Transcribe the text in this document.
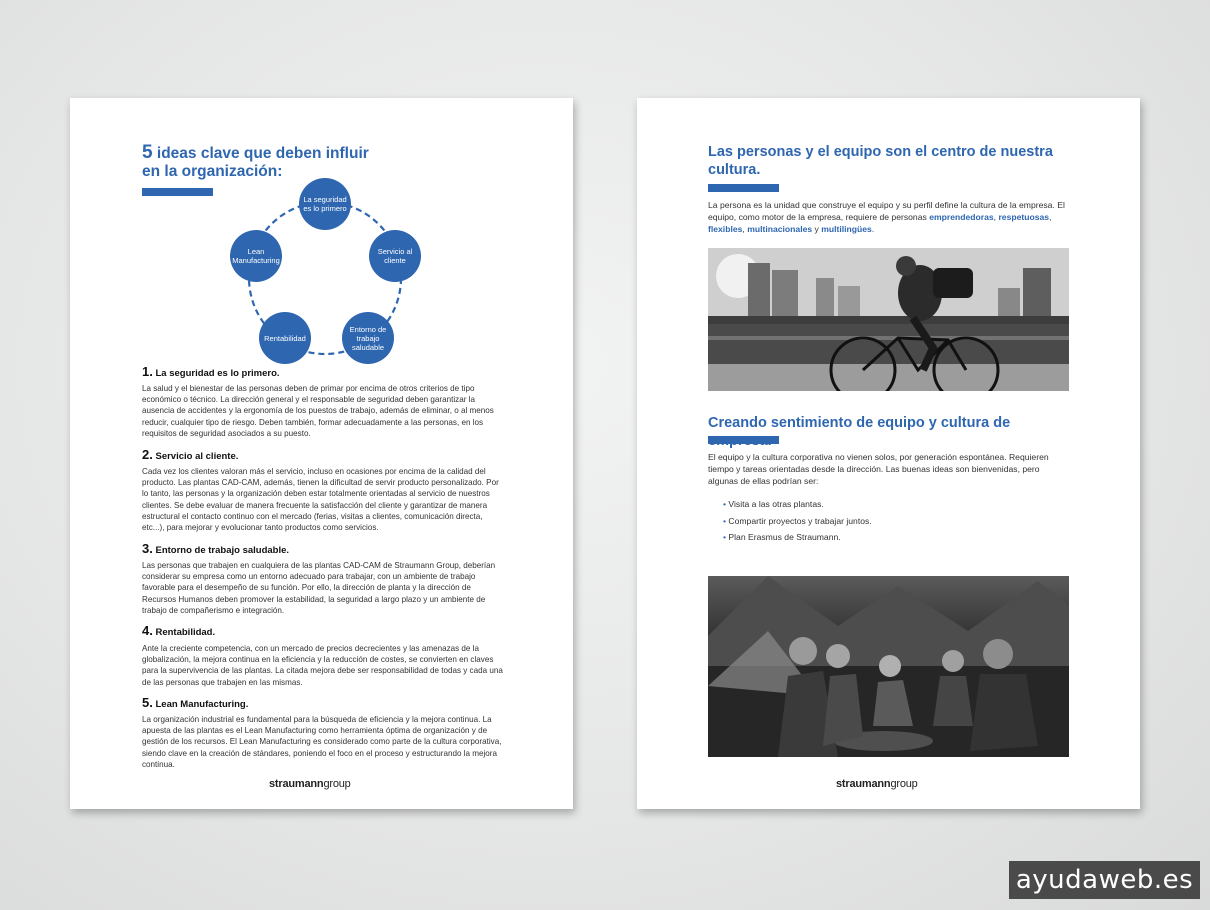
5 ideas clave que deben influir
en la organización:
La seguridad es lo primero
Servicio al cliente
Entorno de trabajo saludable
Rentabilidad
Lean Manufacturing
1. La seguridad es lo primero.
La salud y el bienestar de las personas deben de primar por encima de otros criterios de tipo económico o técnico. La dirección general y el responsable de seguridad deben garantizar la ausencia de accidentes y la ergonomía de los puestos de trabajo, además de eliminar, o al menos reducir, cualquier tipo de riesgo. Deben también, formar adecuadamente a las personas, en los requisitos de seguridad asociados a su puesto.
2. Servicio al cliente.
Cada vez los clientes valoran más el servicio, incluso en ocasiones por encima de la calidad del producto. Las plantas CAD-CAM, además, tienen la dificultad de servir producto personalizado. Por lo tanto, las personas y la organización deben estar totalmente orientadas al servicio de nuestros clientes. Se debe evaluar de manera frecuente la satisfacción del cliente y garantizar de manera estructural el contacto continuo con el mercado (ferias, visitas a clientes, comunicación directa, etc...), para mejorar y evolucionar tanto productos como servicios.
3. Entorno de trabajo saludable.
Las personas que trabajen en cualquiera de las plantas CAD-CAM de Straumann Group, deberían considerar su empresa como un entorno adecuado para trabajar, con un ambiente de trabajo favorable para el desempeño de su función. Por ello, la dirección de planta y la dirección de Recursos Humanos deben promover la estabilidad, la seguridad a largo plazo y un ambiente de trabajo de compañerismo e integración.
4. Rentabilidad.
Ante la creciente competencia, con un mercado de precios decrecientes y las amenazas de la globalización, la mejora continua en la eficiencia y la reducción de costes, se convierten en claves para la supervivencia de las plantas. La citada mejora debe ser responsabilidad de todas y cada una de las personas que trabajen en las mismas.
5. Lean Manufacturing.
La organización industrial es fundamental para la búsqueda de eficiencia y la mejora continua. La apuesta de las plantas es el Lean Manufacturing como herramienta óptima de organización y de gestión de los recursos. El Lean Manufacturing es considerado como parte de la cultura corporativa, siendo clave en la creación de stándares, poniendo el foco en el proceso y estructurando la mejora continua.
straumanngroup
Las personas y el equipo son el centro de nuestra cultura.
La persona es la unidad que construye el equipo y su perfil define la cultura de la empresa. El equipo, como motor de la empresa, requiere de personas emprendedoras, respetuosas, flexibles, multinacionales y multilingües.
Creando sentimiento de equipo y cultura de
El equipo y la cultura corporativa no vienen solos, por generación espontánea. Requieren tiempo y tareas orientadas desde la dirección. Las buenas ideas son bienvenidas, pero algunas de ellas podrían ser:
• Visita a las otras plantas.
• Compartir proyectos y trabajar juntos.
• Plan Erasmus de Straumann.
straumanngroup
ayudaweb.es
